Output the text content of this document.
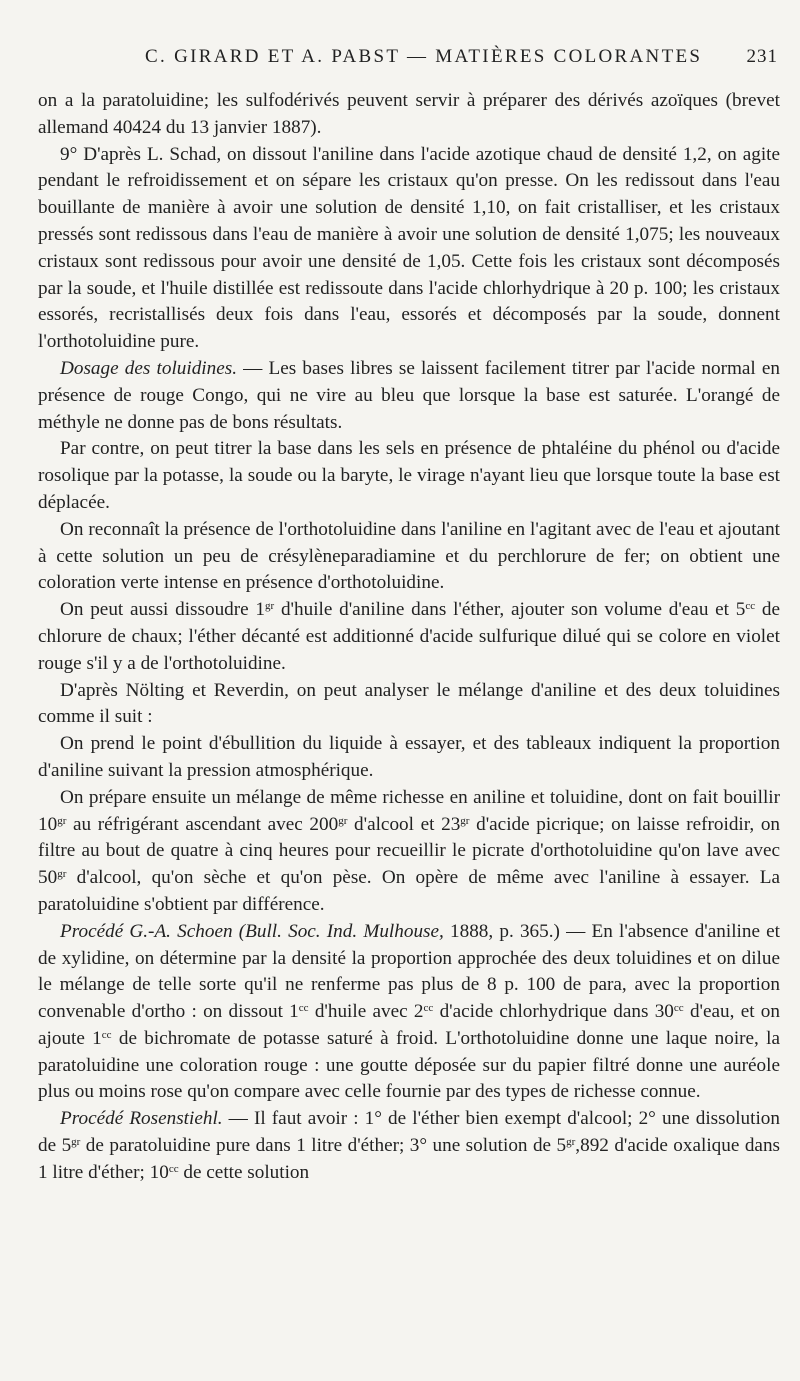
C. GIRARD ET A. PABST — MATIÈRES COLORANTES 231

on a la paratoluidine; les sulfodérivés peuvent servir à préparer des dérivés azoïques (brevet allemand 40424 du 13 janvier 1887).

9° D'après L. Schad, on dissout l'aniline dans l'acide azotique chaud de densité 1,2, on agite pendant le refroidissement et on sépare les cristaux qu'on presse. On les redissout dans l'eau bouillante de manière à avoir une solution de densité 1,10, on fait cristalliser, et les cristaux pressés sont redissous dans l'eau de manière à avoir une solution de densité 1,075; les nouveaux cristaux sont redissous pour avoir une densité de 1,05. Cette fois les cristaux sont décomposés par la soude, et l'huile distillée est redissoute dans l'acide chlorhydrique à 20 p. 100; les cristaux essorés, recristallisés deux fois dans l'eau, essorés et décomposés par la soude, donnent l'orthotoluidine pure.

Dosage des toluidines. — Les bases libres se laissent facilement titrer par l'acide normal en présence de rouge Congo, qui ne vire au bleu que lorsque la base est saturée. L'orangé de méthyle ne donne pas de bons résultats.

Par contre, on peut titrer la base dans les sels en présence de phtaléine du phénol ou d'acide rosolique par la potasse, la soude ou la baryte, le virage n'ayant lieu que lorsque toute la base est déplacée.

On reconnaît la présence de l'orthotoluidine dans l'aniline en l'agitant avec de l'eau et ajoutant à cette solution un peu de crésylèneparadiamine et du perchlorure de fer; on obtient une coloration verte intense en présence d'orthotoluidine.

On peut aussi dissoudre $1^{gr}$ d'huile d'aniline dans l'éther, ajouter son volume d'eau et $5^{cc}$ de chlorure de chaux; l'éther décanté est additionné d'acide sulfurique dilué qui se colore en violet rouge s'il y a de l'orthotoluidine.

D'après Nölting et Reverdin, on peut analyser le mélange d'aniline et des deux toluidines comme il suit :

On prend le point d'ébullition du liquide à essayer, et des tableaux indiquent la proportion d'aniline suivant la pression atmosphérique.

On prépare ensuite un mélange de même richesse en aniline et toluidine, dont on fait bouillir $10^{gr}$ au réfrigérant ascendant avec $200^{gr}$ d'alcool et $23^{gr}$ d'acide picrique; on laisse refroidir, on filtre au bout de quatre à cinq heures pour recueillir le picrate d'orthotoluidine qu'on lave avec $50^{gr}$ d'alcool, qu'on sèche et qu'on pèse. On opère de même avec l'aniline à essayer. La paratoluidine s'obtient par différence.

Procédé G.-A. Schoen (Bull. Soc. Ind. Mulhouse, 1888, p. 365.) — En l'absence d'aniline et de xylidine, on détermine par la densité la proportion approchée des deux toluidines et on dilue le mélange de telle sorte qu'il ne renferme pas plus de 8 p. 100 de para, avec la proportion convenable d'ortho : on dissout $1^{cc}$ d'huile avec $2^{cc}$ d'acide chlorhydrique dans $30^{cc}$ d'eau, et on ajoute $1^{cc}$ de bichromate de potasse saturé à froid. L'orthotoluidine donne une laque noire, la paratoluidine une coloration rouge : une goutte déposée sur du papier filtré donne une auréole plus ou moins rose qu'on compare avec celle fournie par des types de richesse connue.

Procédé Rosenstiehl. — Il faut avoir : 1° de l'éther bien exempt d'alcool; 2° une dissolution de $5^{gr}$ de paratoluidine pure dans 1 litre d'éther; 3° une solution de $5^{gr},892$ d'acide oxalique dans 1 litre d'éther; $10^{cc}$ de cette solution
